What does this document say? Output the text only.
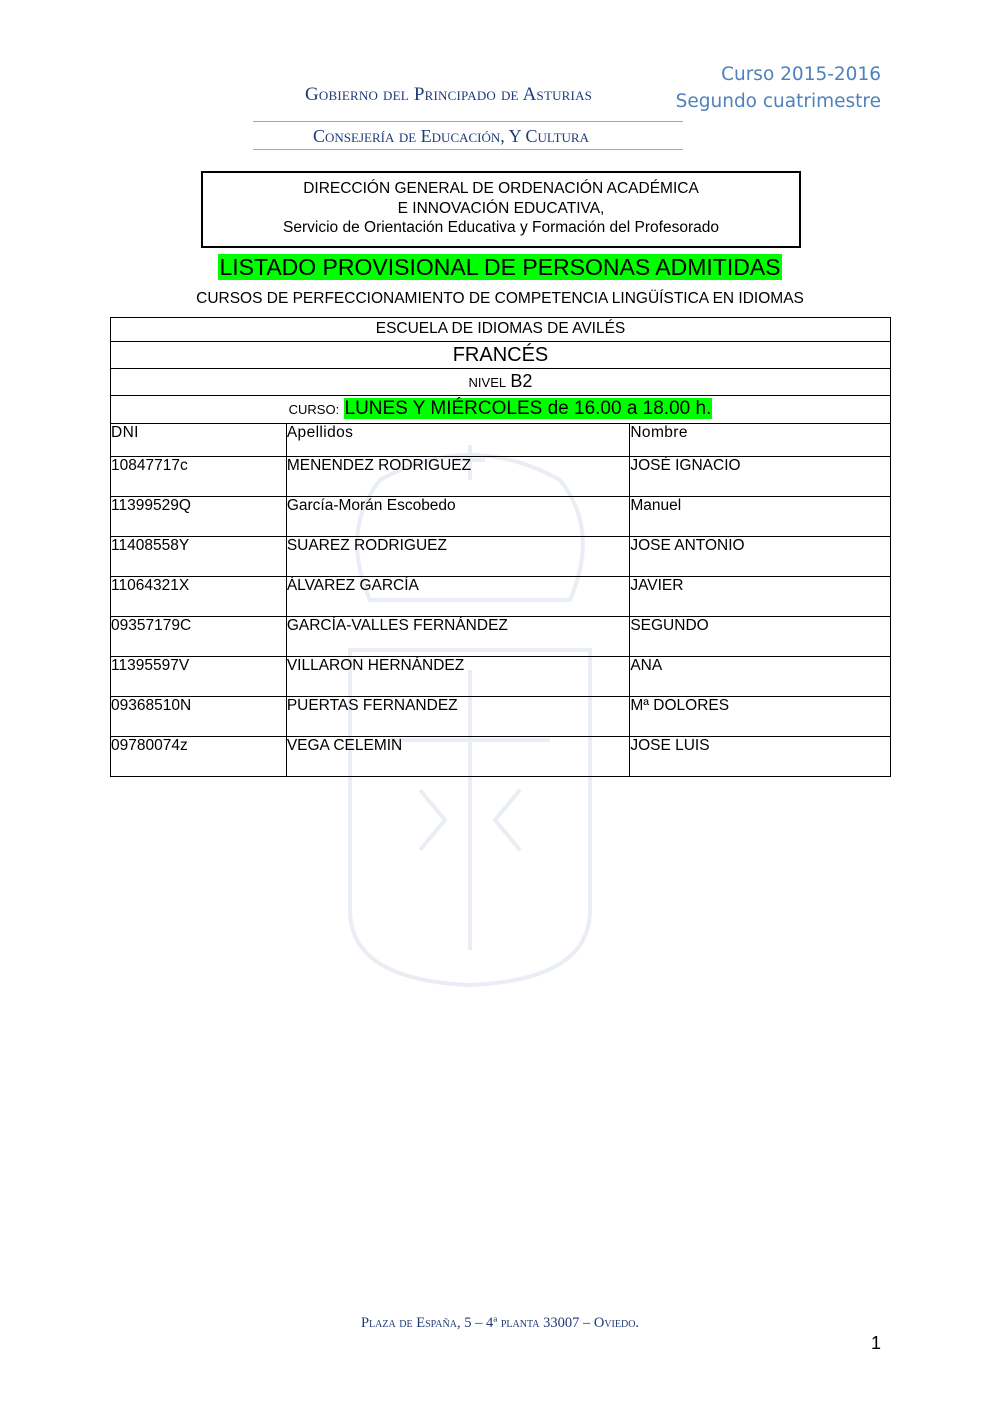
Gobierno del Principado de Asturias
Curso 2015-2016
Segundo cuatrimestre
Consejería de Educación, Y Cultura
DIRECCIÓN GENERAL DE ORDENACIÓN ACADÉMICA
E INNOVACIÓN EDUCATIVA,
Servicio de Orientación Educativa y Formación del Profesorado
LISTADO PROVISIONAL DE PERSONAS ADMITIDAS
CURSOS DE PERFECCIONAMIENTO DE COMPETENCIA LINGÜÍSTICA EN IDIOMAS
ESCUELA DE IDIOMAS DE AVILÉS		
FRANCÉS		
NIVEL B2		
CURSO: LUNES Y MIÉRCOLES de 16.00 a 18.00 h.		
DNI	Apellidos	Nombre
10847717c	MENENDEZ RODRIGUEZ	JOSÉ IGNACIO
11399529Q	García-Morán Escobedo	Manuel
11408558Y	SUAREZ RODRIGUEZ	JOSE ANTONIO
11064321X	ÁLVAREZ GARCÍA	JAVIER
09357179C	GARCÍA-VALLES FERNÁNDEZ	SEGUNDO
11395597V	VILLARON HERNÁNDEZ	ANA
09368510N	PUERTAS FERNANDEZ	Mª DOLORES
09780074z	VEGA CELEMIN	JOSE LUIS
Plaza de España, 5 – 4ª planta 33007 – Oviedo.
1
